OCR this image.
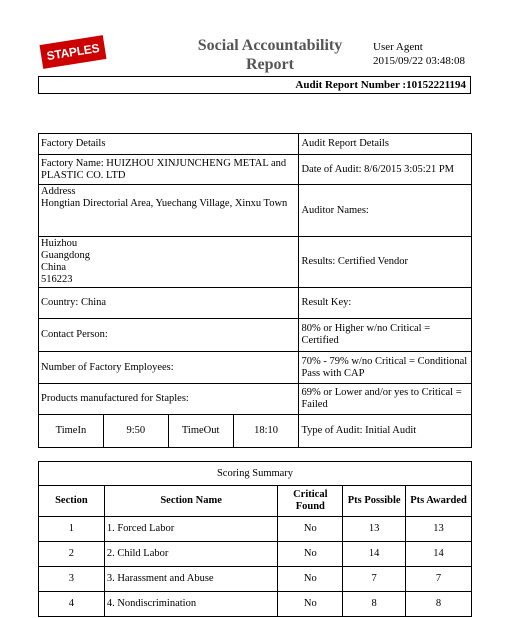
STAPLES	Social Accountability Report
User Agent
2015/09/22 03:48:08
Audit Report Number :10152221194
Factory Details				Audit Report Details
Factory Name: HUIZHOU XINJUNCHENG METAL and PLASTIC CO. LTD				Date of Audit: 8/6/2015 3:05:21 PM

Address
Hongtian Directorial Area, Yuechang Village, Xinxu Town				Auditor Names:

Huizhou
Guangdong
China
516223				Results: Certified Vendor
Country: China				Result Key:
Contact Person:				80% or Higher w/no Critical = Certified
Number of Factory Employees:				70% - 79% w/no Critical = Conditional Pass with CAP
Products manufactured for Staples:				69% or Lower and/or yes to Critical = Failed
TimeIn	9:50	TimeOut	18:10	Type of Audit: Initial Audit
Scoring Summary				
Section	Section Name	Critical Found	Pts Possible	Pts Awarded
1	1. Forced Labor	No	13	13
2	2. Child Labor	No	14	14
3	3. Harassment and Abuse	No	7	7
4	4. Nondiscrimination	No	8	8
